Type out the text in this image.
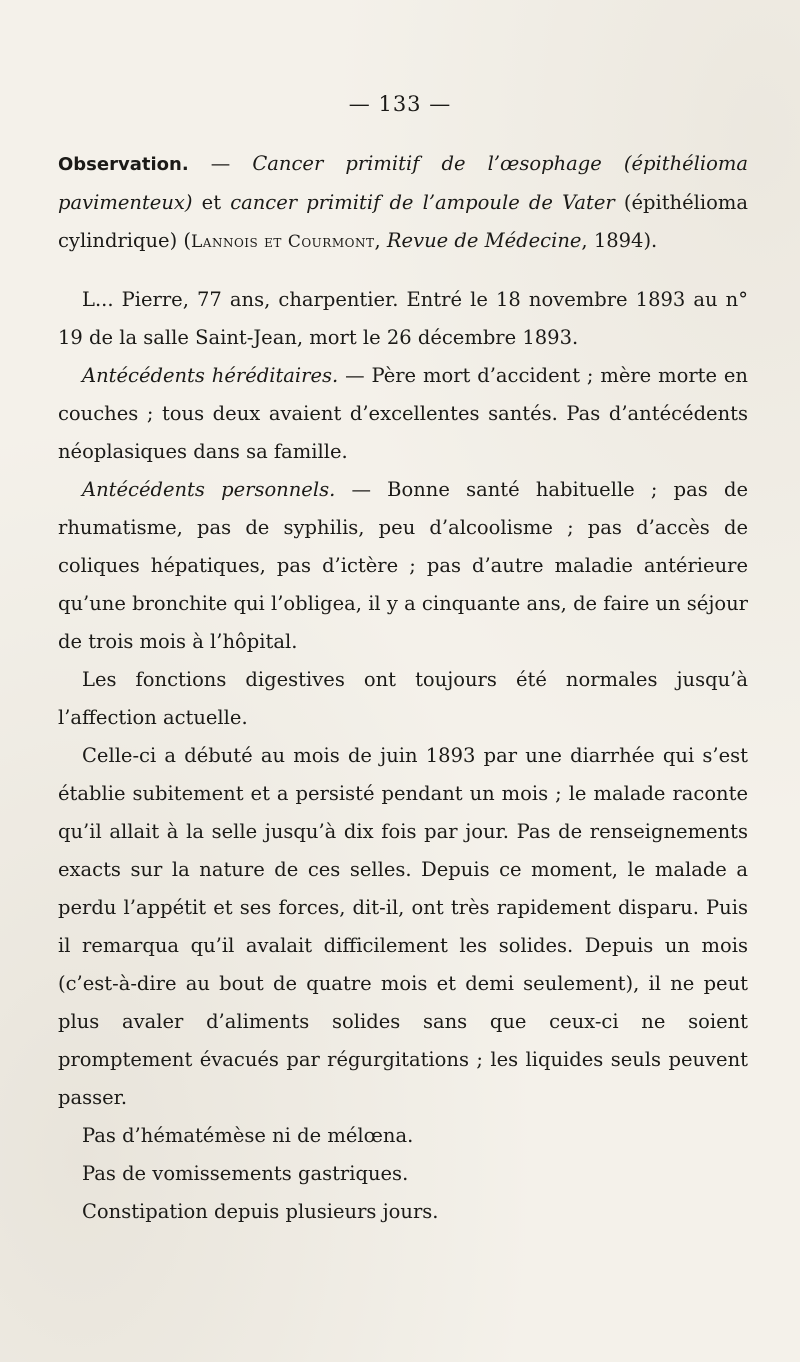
— 133 —

Observation. — Cancer primitif de l’œsophage (épithélioma pavimenteux) et cancer primitif de l’ampoule de Vater (épithélioma cylindrique) (Lannois et Courmont, Revue de Médecine, 1894).

L... Pierre, 77 ans, charpentier. Entré le 18 novembre 1893 au n° 19 de la salle Saint-Jean, mort le 26 décembre 1893.

Antécédents héréditaires. — Père mort d’accident ; mère morte en couches ; tous deux avaient d’excellentes santés. Pas d’antécédents néoplasiques dans sa famille.

Antécédents personnels. — Bonne santé habituelle ; pas de rhumatisme, pas de syphilis, peu d’alcoolisme ; pas d’accès de coliques hépatiques, pas d’ictère ; pas d’autre maladie antérieure qu’une bronchite qui l’obligea, il y a cinquante ans, de faire un séjour de trois mois à l’hôpital.

Les fonctions digestives ont toujours été normales jusqu’à l’affection actuelle.

Celle-ci a débuté au mois de juin 1893 par une diarrhée qui s’est établie subitement et a persisté pendant un mois ; le malade raconte qu’il allait à la selle jusqu’à dix fois par jour. Pas de renseignements exacts sur la nature de ces selles. Depuis ce moment, le malade a perdu l’appétit et ses forces, dit-il, ont très rapidement disparu. Puis il remarqua qu’il avalait difficilement les solides. Depuis un mois (c’est-à-dire au bout de quatre mois et demi seulement), il ne peut plus avaler d’aliments solides sans que ceux-ci ne soient promptement évacués par régurgitations ; les liquides seuls peuvent passer.

Pas d’hématémèse ni de mélœna.

Pas de vomissements gastriques.

Constipation depuis plusieurs jours.
